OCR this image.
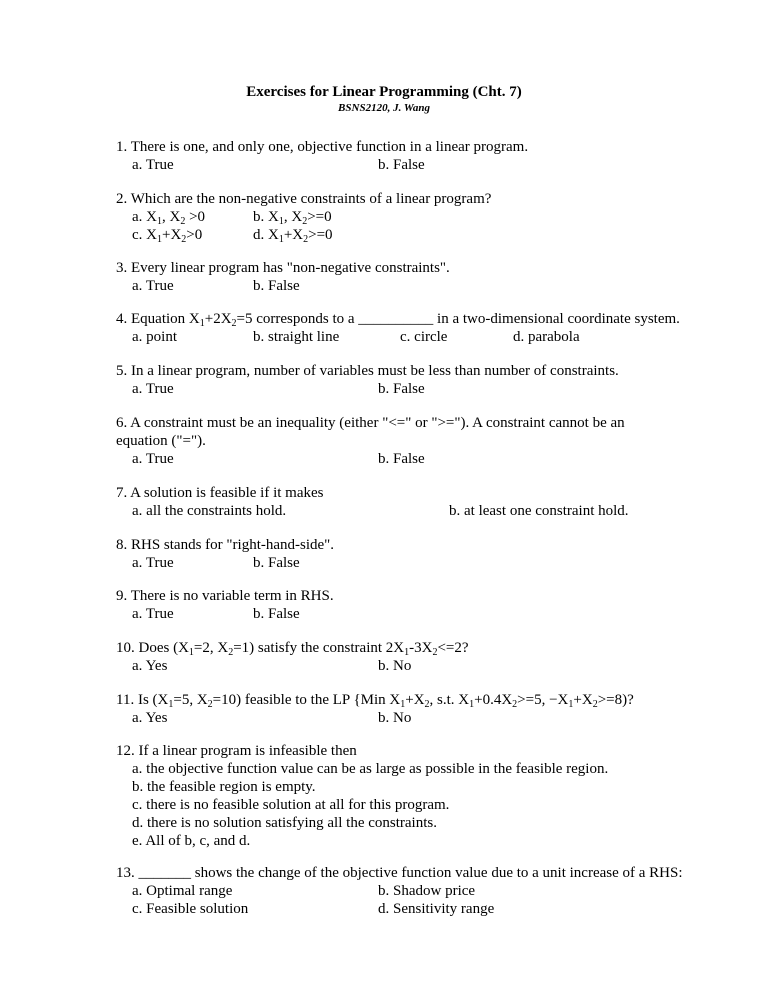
Exercises for Linear Programming (Cht. 7)
BSNS2120, J. Wang
1. There is one, and only one, objective function in a linear program.
a. True	b. False
2. Which are the non-negative constraints of a linear program?
a. $X_1$, $X_2 >0$	b. $X_1$, $X_2>=0$
c. $X_1+X_2>0$	d. $X_1+X_2>=0$
3. Every linear program has "non-negative constraints".
a. True	b. False
4. Equation $X_1+2X_2=5$ corresponds to a __________ in a two-dimensional coordinate system.
a. point	b. straight line	c. circle	d. parabola
5. In a linear program, number of variables must be less than number of constraints.
a. True	b. False
6. A constraint must be an inequality (either "<=" or ">="). A constraint cannot be an equation ("=").
a. True	b. False
7. A solution is feasible if it makes
a. all the constraints hold.	b. at least one constraint hold.
8. RHS stands for "right-hand-side".
a. True	b. False
9. There is no variable term in RHS.
a. True	b. False
10. Does ($X_1=2$, $X_2=1$) satisfy the constraint $2X_1-3X_2<=2$?
a. Yes	b. No
11. Is ($X_1=5$, $X_2=10$) feasible to the LP {Min $X_1+X_2$, s.t. $X_1+0.4X_2>=5$, $-X_1+X_2>=8$)?
a. Yes	b. No
12. If a linear program is infeasible then
a. the objective function value can be as large as possible in the feasible region.
b. the feasible region is empty.
c. there is no feasible solution at all for this program.
d. there is no solution satisfying all the constraints.
e. All of b, c, and d.
13. _______ shows the change of the objective function value due to a unit increase of a RHS:
a. Optimal range	b. Shadow price
c. Feasible solution	d. Sensitivity range
